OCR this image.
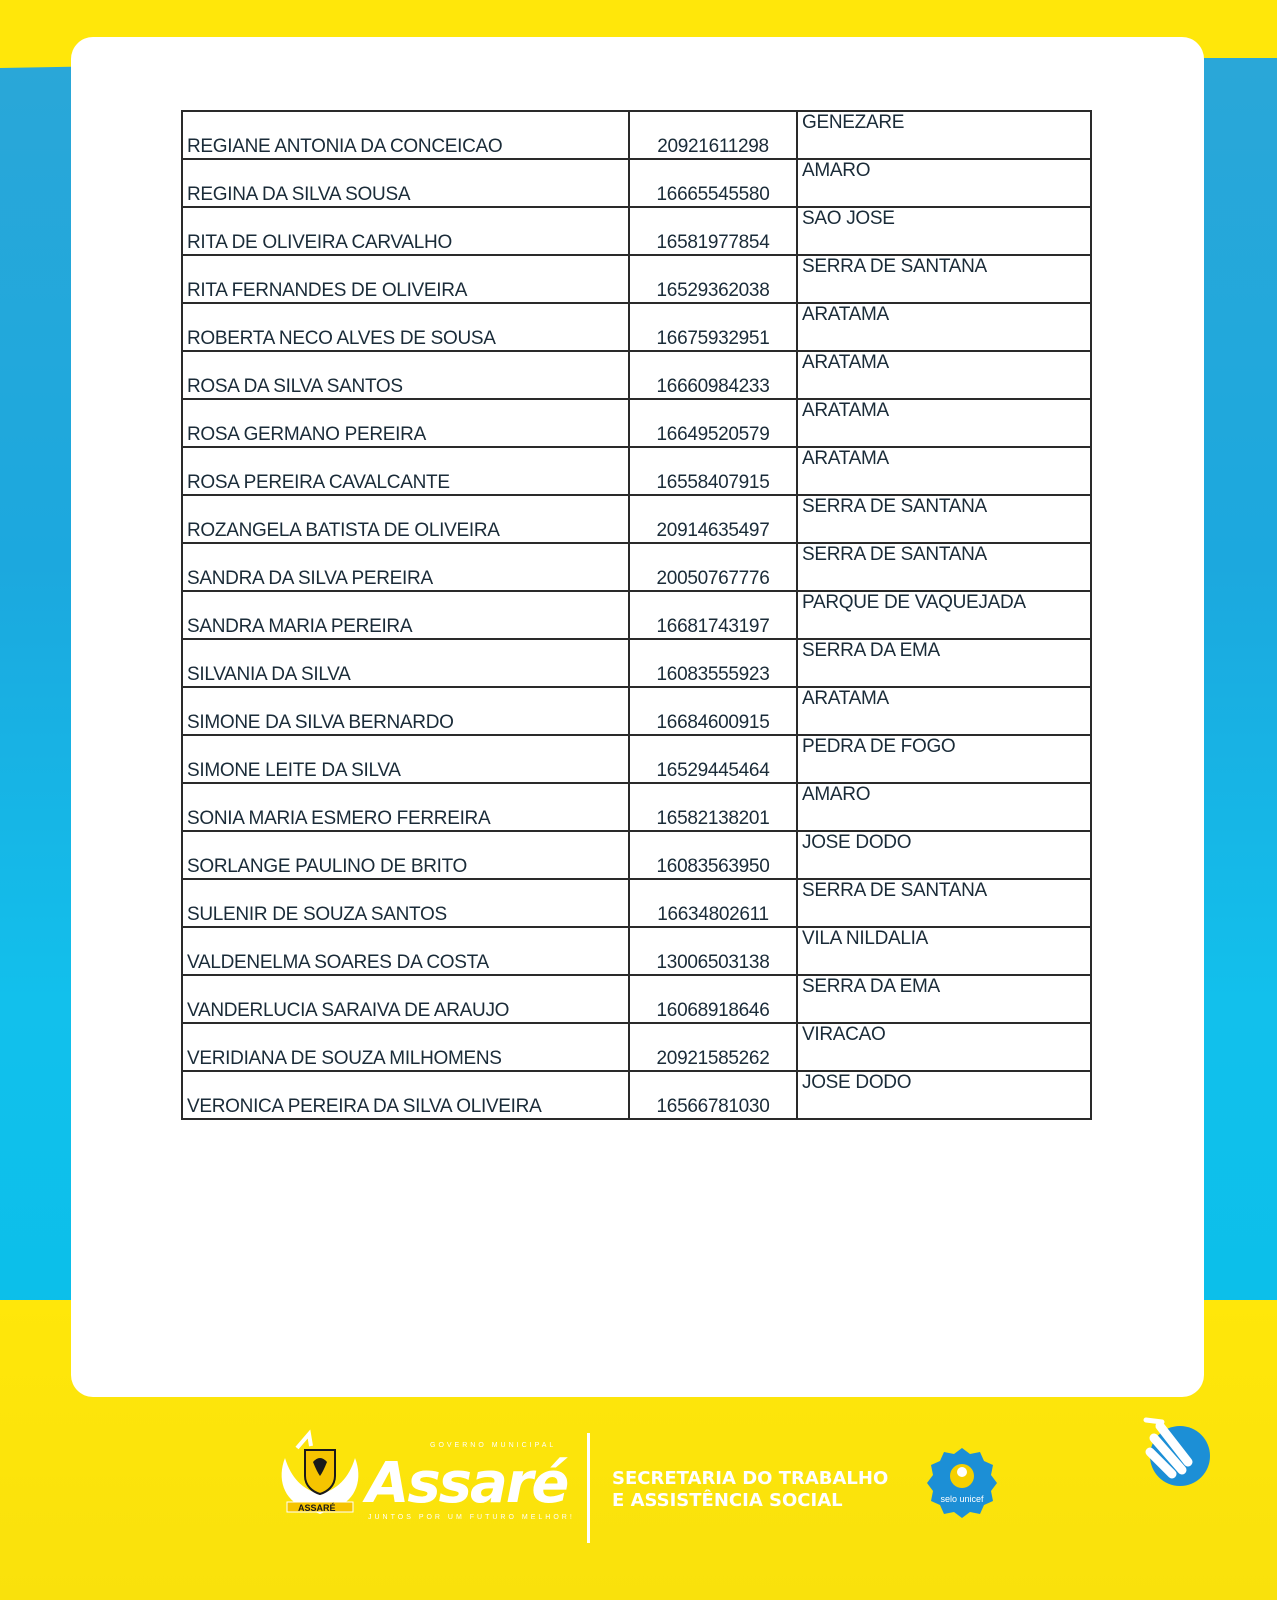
REGIANE ANTONIA DA CONCEICAO	20921611298	GENEZARE
REGINA DA SILVA SOUSA	16665545580	AMARO
RITA DE OLIVEIRA CARVALHO	16581977854	SAO JOSE
RITA FERNANDES DE OLIVEIRA	16529362038	SERRA DE SANTANA
ROBERTA NECO ALVES DE SOUSA	16675932951	ARATAMA
ROSA DA SILVA SANTOS	16660984233	ARATAMA
ROSA GERMANO PEREIRA	16649520579	ARATAMA
ROSA PEREIRA CAVALCANTE	16558407915	ARATAMA
ROZANGELA BATISTA DE OLIVEIRA	20914635497	SERRA DE SANTANA
SANDRA DA SILVA PEREIRA	20050767776	SERRA DE SANTANA
SANDRA MARIA PEREIRA	16681743197	PARQUE DE VAQUEJADA
SILVANIA DA SILVA	16083555923	SERRA DA EMA
SIMONE DA SILVA BERNARDO	16684600915	ARATAMA
SIMONE LEITE DA SILVA	16529445464	PEDRA DE FOGO
SONIA MARIA ESMERO FERREIRA	16582138201	AMARO
SORLANGE PAULINO DE BRITO	16083563950	JOSE DODO
SULENIR DE SOUZA SANTOS	16634802611	SERRA DE SANTANA
VALDENELMA SOARES DA COSTA	13006503138	VILA NILDALIA
VANDERLUCIA SARAIVA DE ARAUJO	16068918646	SERRA DA EMA
VERIDIANA DE SOUZA MILHOMENS	20921585262	VIRACAO
VERONICA PEREIRA DA SILVA OLIVEIRA	16566781030	JOSE DODO
ASSARÉ
GOVERNO MUNICIPAL
Assaré
JUNTOS POR UM FUTURO MELHOR!
SECRETARIA DO TRABALHO
E ASSISTÊNCIA SOCIAL	selo unicef
